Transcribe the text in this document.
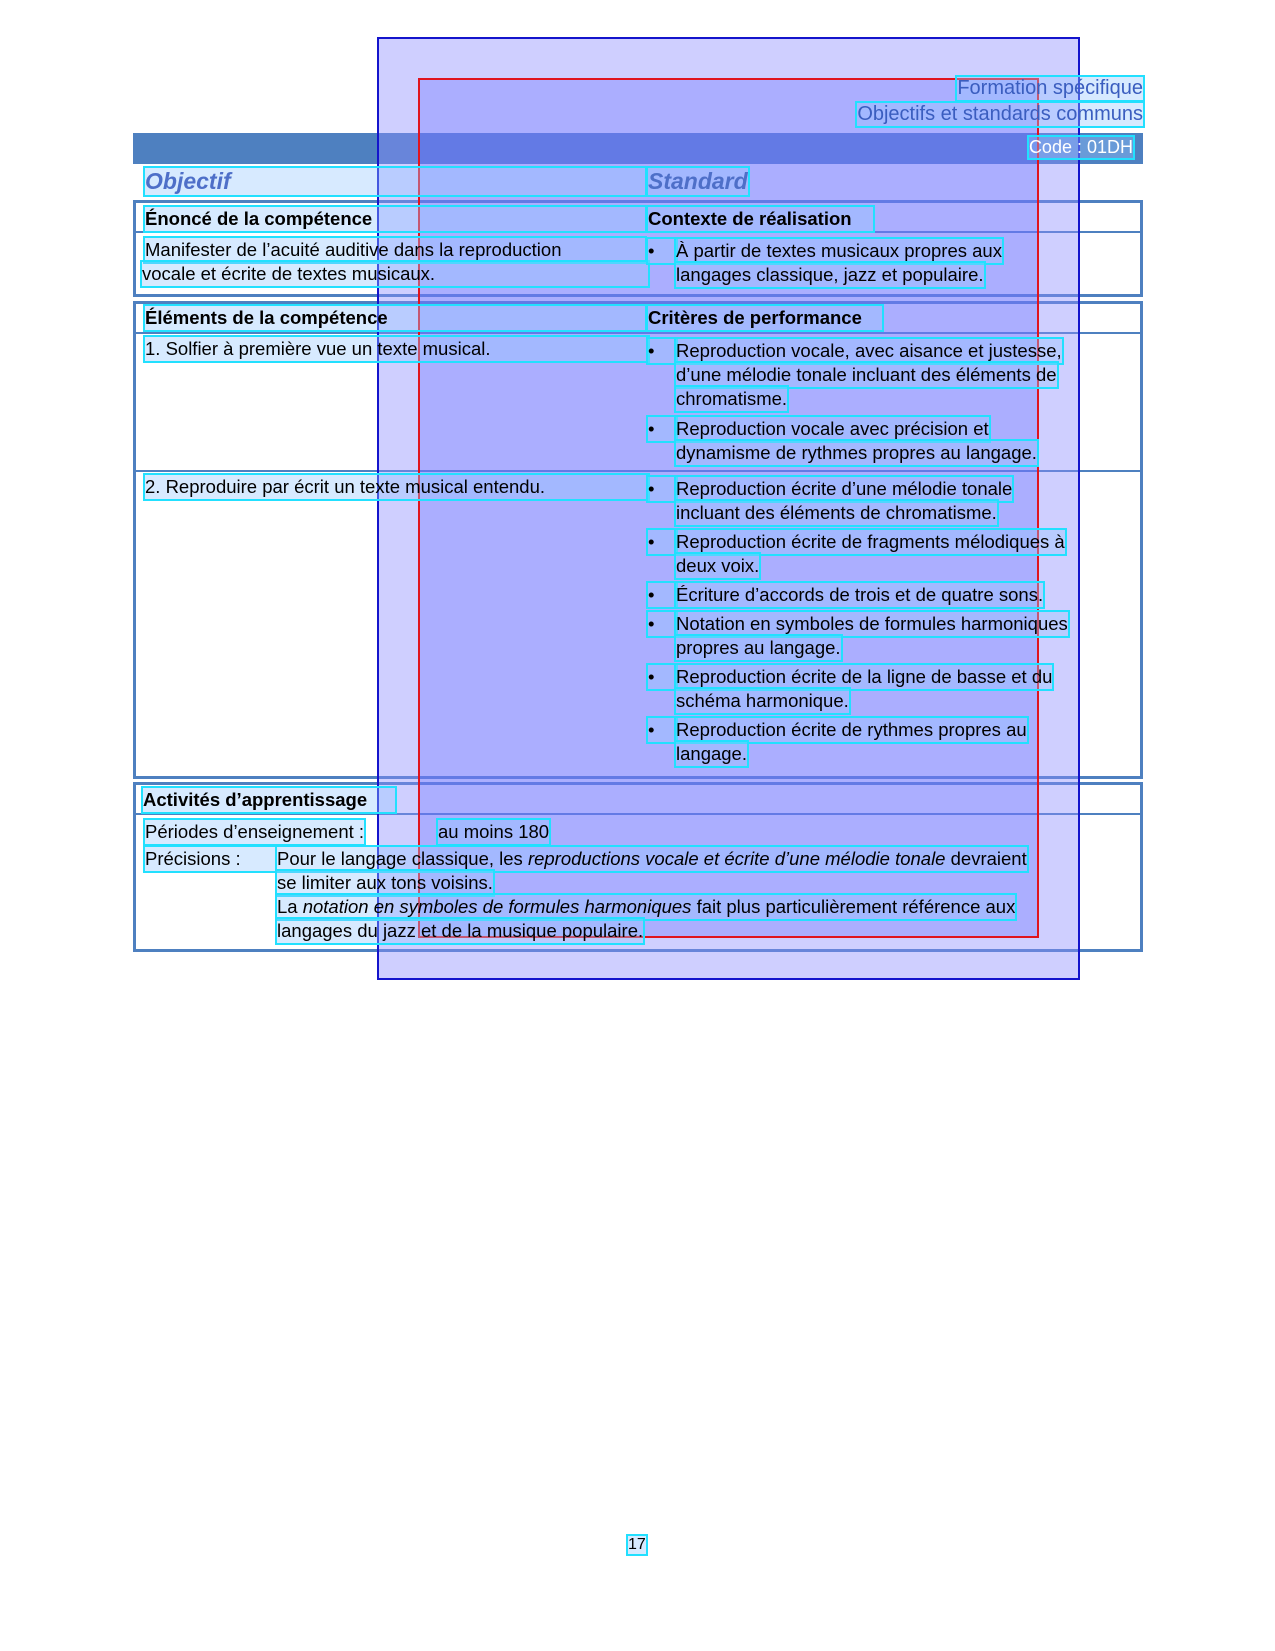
Formation spécifique
Objectifs et standards communs
Code : 01DH
Objectif	Standard
Énoncé de la compétence	Contexte de réalisation
Manifester de l’acuité auditive dans la reproduction
vocale et écrite de textes musicaux.
•	À partir de textes musicaux propres aux
langages classique, jazz et populaire.
Éléments de la compétence	Critères de performance
1. Solfier à première vue un texte musical.	•	Reproduction vocale, avec aisance et justesse,
d’une mélodie tonale incluant des éléments de
chromatisme.
•	Reproduction vocale avec précision et
dynamisme de rythmes propres au langage.
2. Reproduire par écrit un texte musical entendu.	•	Reproduction écrite d’une mélodie tonale
incluant des éléments de chromatisme.
•	Reproduction écrite de fragments mélodiques à
deux voix.
•	Écriture d’accords de trois et de quatre sons.
•	Notation en symboles de formules harmoniques
propres au langage.
•	Reproduction écrite de la ligne de basse et du
schéma harmonique.
•	Reproduction écrite de rythmes propres au
langage.
Activités d’apprentissage
Périodes d’enseignement :	au moins 180
Précisions :	Pour le langage classique, les reproductions vocale et écrite d’une mélodie tonale devraient
se limiter aux tons voisins.
La notation en symboles de formules harmoniques fait plus particulièrement référence aux
langages du jazz et de la musique populaire.
17
